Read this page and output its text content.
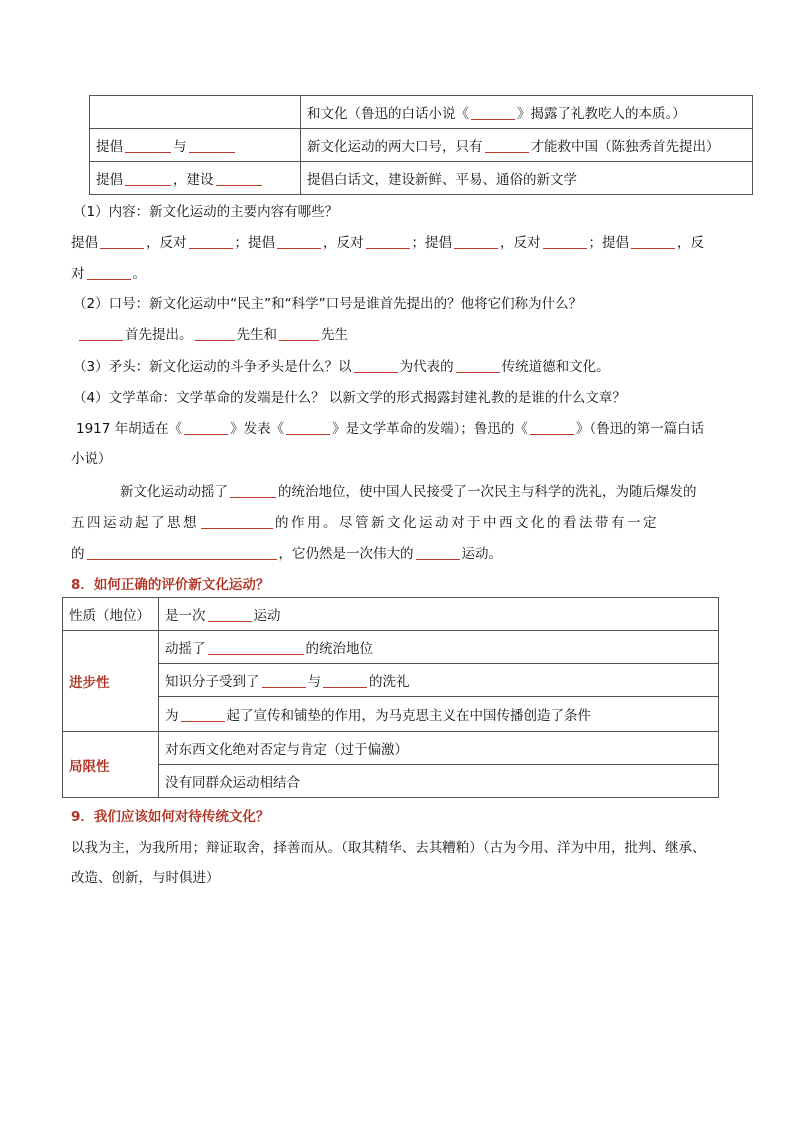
	和文化（鲁迅的白话小说《 》揭露了礼教吃人的本质。）
提倡 与	新文化运动的两大口号，只有 才能救中国（陈独秀首先提出）
提倡 ，建设	提倡白话文，建设新鲜、平易、通俗的新文学
（1）内容：新文化运动的主要内容有哪些？
提倡	，反对	；提倡	，反对	；提倡	，反对	；提倡	，反
对	。
（2）口号：新文化运动中“民主”和“科学”口号是谁首先提出的？他将它们称为什么？
首先提出。	先生和	先生
（3）矛头：新文化运动的斗争矛头是什么？以	为代表的	传统道德和文化。
（4）文学革命：文学革命的发端是什么？ 以新文学的形式揭露封建礼教的是谁的什么文章？
1917 年胡适在《	》发表《	》是文学革命的发端）；鲁迅的《	》（鲁迅的第一篇白话
小说）
新文化运动动摇了	的统治地位，使中国人民接受了一次民主与科学的洗礼，为随后爆发的
五四运动起了思想	的作用。尽管新文化运动对于中西文化的看法带有一定
的	，它仍然是一次伟大的	运动。
8．如何正确的评价新文化运动？
性质（地位）	是一次 运动
进步性	动摇了 的统治地位
	知识分子受到了 与 的洗礼
	为 起了宣传和铺垫的作用，为马克思主义在中国传播创造了条件
局限性	对东西文化绝对否定与肯定（过于偏激）
	没有同群众运动相结合
9．我们应该如何对待传统文化？
以我为主，为我所用；辩证取舍，择善而从。（取其精华、去其糟粕）（古为今用、洋为中用，批判、继承、
改造、创新，与时俱进）
